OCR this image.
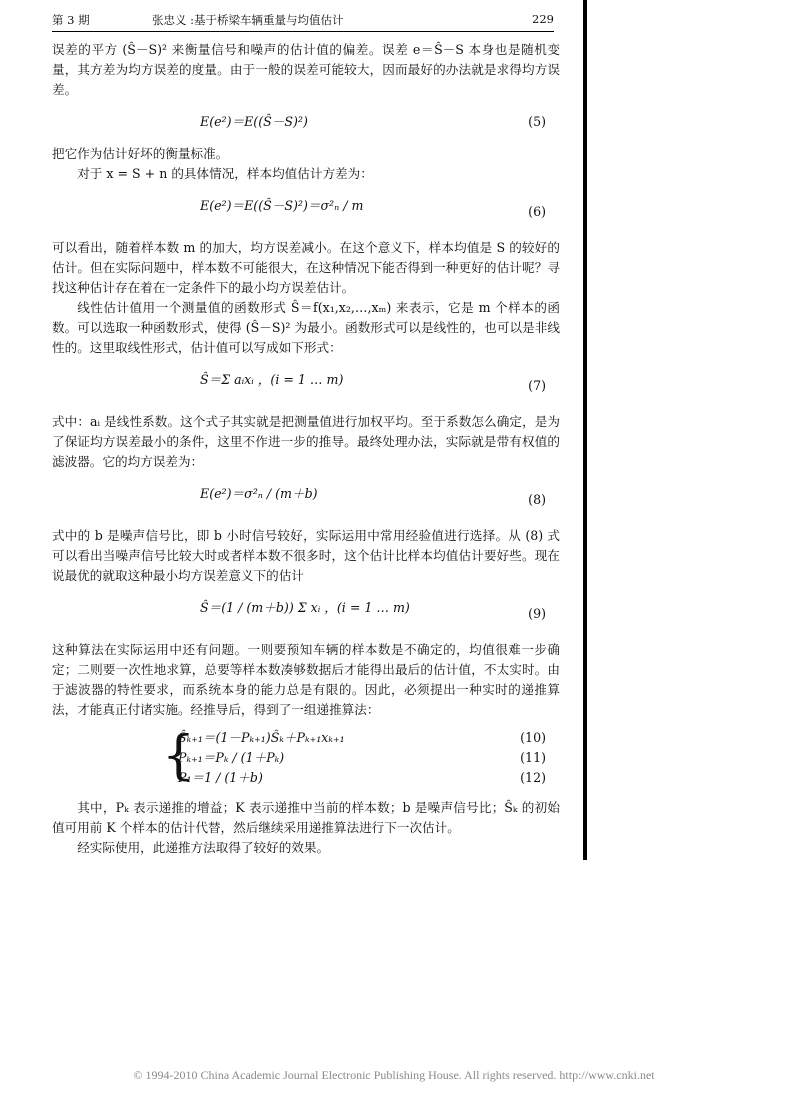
第 3 期	张忠义 :基于桥梁车辆重量与均值估计	229

误差的平方 (Ŝ－S)² 来衡量信号和噪声的估计值的偏差。误差 e＝Ŝ－S 本身也是随机变量，其方差为均方误差的度量。由于一般的误差可能较大，因而最好的办法就是求得均方误差。

E(e²)＝E((Ŝ－S)²)	(5)

把它作为估计好坏的衡量标准。

对于 x = S + n 的具体情况，样本均值估计方差为：

E(e²)＝E((Ŝ－S)²)＝σ²ₙ / m	(6)

可以看出，随着样本数 m 的加大，均方误差减小。在这个意义下，样本均值是 S 的较好的估计。但在实际问题中，样本数不可能很大，在这种情况下能否得到一种更好的估计呢？寻找这种估计存在着在一定条件下的最小均方误差估计。

线性估计值用一个测量值的函数形式 Ŝ＝f(x₁,x₂,…,xₘ) 来表示，它是 m 个样本的函数。可以选取一种函数形式，使得 (Ŝ－S)² 为最小。函数形式可以是线性的，也可以是非线性的。这里取线性形式，估计值可以写成如下形式：

Ŝ＝Σ aᵢxᵢ ，(i = 1 … m)	(7)

式中：aᵢ 是线性系数。这个式子其实就是把测量值进行加权平均。至于系数怎么确定，是为了保证均方误差最小的条件，这里不作进一步的推导。最终处理办法，实际就是带有权值的滤波器。它的均方误差为：

E(e²)＝σ²ₙ / (m＋b)	(8)

式中的 b 是噪声信号比，即 b 小时信号较好，实际运用中常用经验值进行选择。从 (8) 式可以看出当噪声信号比较大时或者样本数不很多时，这个估计比样本均值估计要好些。现在说最优的就取这种最小均方误差意义下的估计

Ŝ＝(1 / (m＋b)) Σ xᵢ ，(i = 1 … m)	(9)

这种算法在实际运用中还有问题。一则要预知车辆的样本数是不确定的，均值很难一步确定；二则要一次性地求算，总要等样本数凑够数据后才能得出最后的估计值，不太实时。由于滤波器的特性要求，而系统本身的能力总是有限的。因此，必须提出一种实时的递推算法，才能真正付诸实施。经推导后，得到了一组递推算法：

{
Ŝₖ₊₁＝(1－Pₖ₊₁)Ŝₖ＋Pₖ₊₁xₖ₊₁	(10)
Pₖ₊₁＝Pₖ / (1＋Pₖ)	(11)
P₁＝1 / (1＋b)	(12)

其中，Pₖ 表示递推的增益；K 表示递推中当前的样本数；b 是噪声信号比；Ŝₖ 的初始值可用前 K 个样本的估计代替，然后继续采用递推算法进行下一次估计。

经实际使用，此递推方法取得了较好的效果。

© 1994-2010 China Academic Journal Electronic Publishing House. All rights reserved. http://www.cnki.net
